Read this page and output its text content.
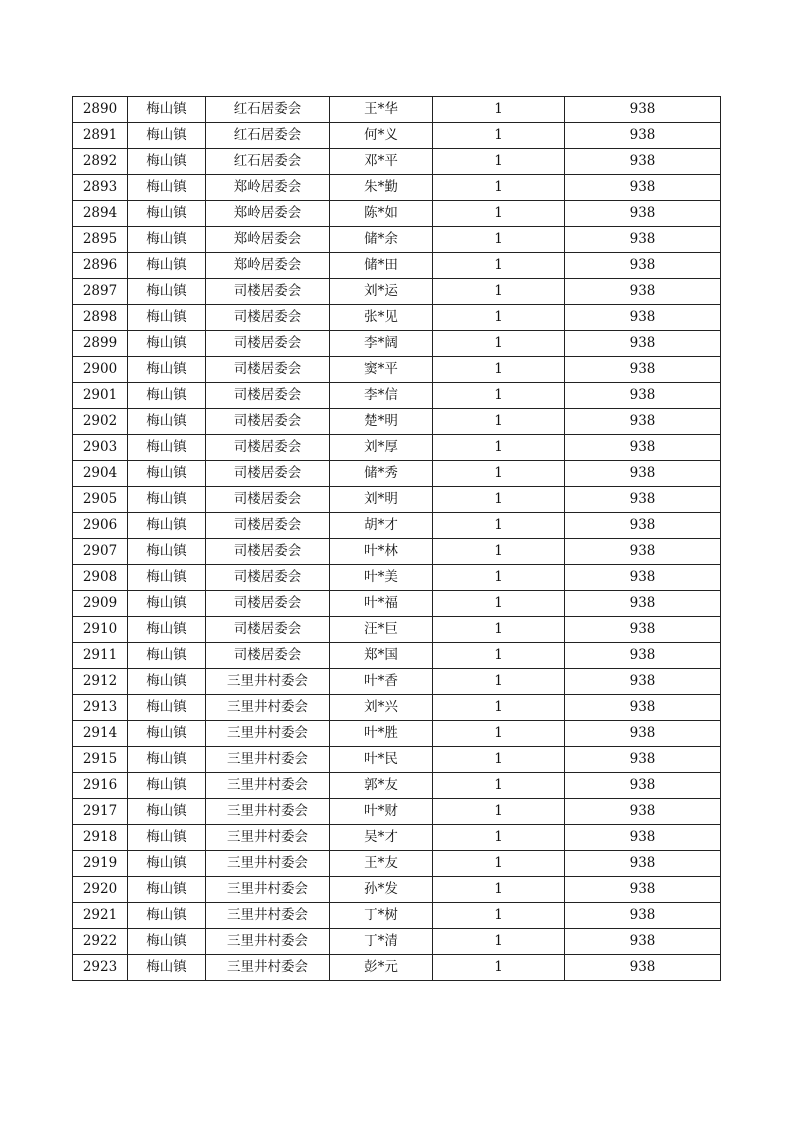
2890	梅山镇	红石居委会	王*华	1	938
2891	梅山镇	红石居委会	何*义	1	938
2892	梅山镇	红石居委会	邓*平	1	938
2893	梅山镇	郑岭居委会	朱*勤	1	938
2894	梅山镇	郑岭居委会	陈*如	1	938
2895	梅山镇	郑岭居委会	储*余	1	938
2896	梅山镇	郑岭居委会	储*田	1	938
2897	梅山镇	司楼居委会	刘*运	1	938
2898	梅山镇	司楼居委会	张*见	1	938
2899	梅山镇	司楼居委会	李*阔	1	938
2900	梅山镇	司楼居委会	窦*平	1	938
2901	梅山镇	司楼居委会	李*信	1	938
2902	梅山镇	司楼居委会	楚*明	1	938
2903	梅山镇	司楼居委会	刘*厚	1	938
2904	梅山镇	司楼居委会	储*秀	1	938
2905	梅山镇	司楼居委会	刘*明	1	938
2906	梅山镇	司楼居委会	胡*才	1	938
2907	梅山镇	司楼居委会	叶*林	1	938
2908	梅山镇	司楼居委会	叶*美	1	938
2909	梅山镇	司楼居委会	叶*福	1	938
2910	梅山镇	司楼居委会	汪*巨	1	938
2911	梅山镇	司楼居委会	郑*国	1	938
2912	梅山镇	三里井村委会	叶*香	1	938
2913	梅山镇	三里井村委会	刘*兴	1	938
2914	梅山镇	三里井村委会	叶*胜	1	938
2915	梅山镇	三里井村委会	叶*民	1	938
2916	梅山镇	三里井村委会	郭*友	1	938
2917	梅山镇	三里井村委会	叶*财	1	938
2918	梅山镇	三里井村委会	吴*才	1	938
2919	梅山镇	三里井村委会	王*友	1	938
2920	梅山镇	三里井村委会	孙*发	1	938
2921	梅山镇	三里井村委会	丁*树	1	938
2922	梅山镇	三里井村委会	丁*清	1	938
2923	梅山镇	三里井村委会	彭*元	1	938
